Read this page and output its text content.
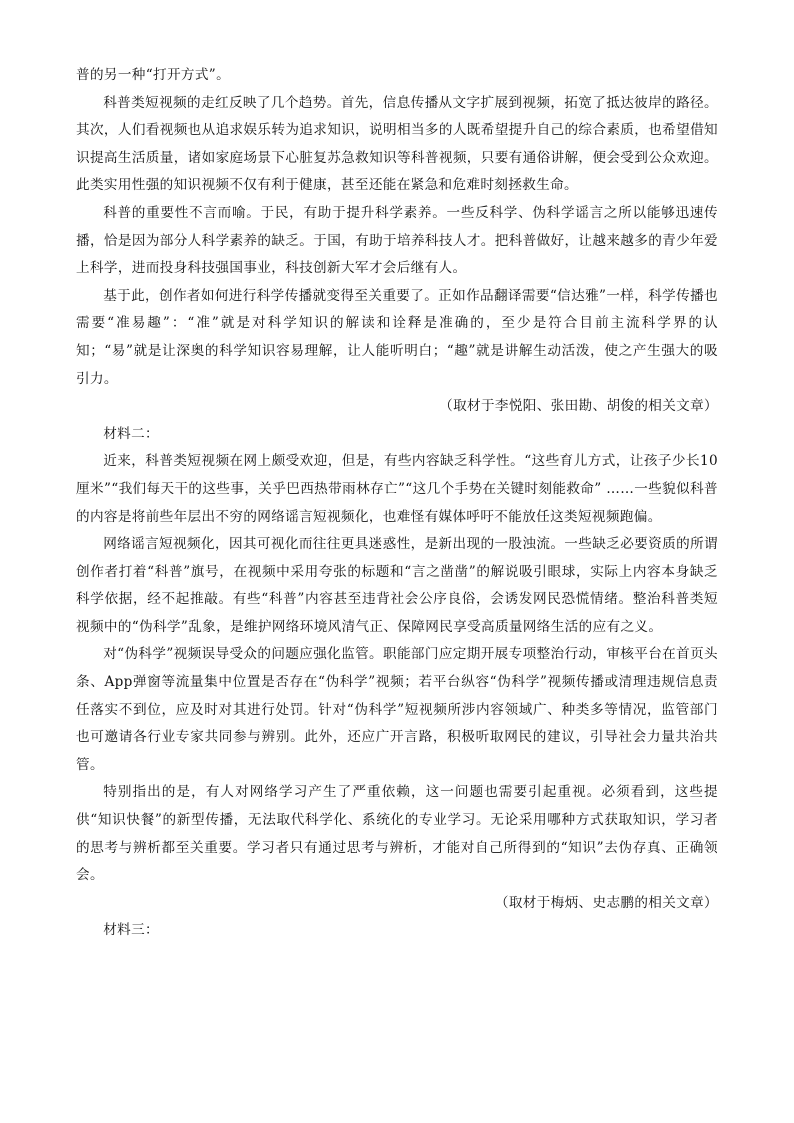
普的另一种“打开方式”。

科普类短视频的走红反映了几个趋势。首先，信息传播从文字扩展到视频，拓宽了抵达彼岸的路径。其次，人们看视频也从追求娱乐转为追求知识，说明相当多的人既希望提升自己的综合素质，也希望借知识提高生活质量，诸如家庭场景下心脏复苏急救知识等科普视频，只要有通俗讲解，便会受到公众欢迎。此类实用性强的知识视频不仅有利于健康，甚至还能在紧急和危难时刻拯救生命。

科普的重要性不言而喻。于民，有助于提升科学素养。一些反科学、伪科学谣言之所以能够迅速传播，恰是因为部分人科学素养的缺乏。于国，有助于培养科技人才。把科普做好，让越来越多的青少年爱上科学，进而投身科技强国事业，科技创新大军才会后继有人。

基于此，创作者如何进行科学传播就变得至关重要了。正如作品翻译需要“信达雅”一样，科学传播也需要“准易趣”：“准”就是对科学知识的解读和诠释是准确的，至少是符合目前主流科学界的认知；“易”就是让深奥的科学知识容易理解，让人能听明白；“趣”就是讲解生动活泼，使之产生强大的吸引力。

（取材于李悦阳、张田勘、胡俊的相关文章）

材料二：

近来，科普类短视频在网上颇受欢迎，但是，有些内容缺乏科学性。“这些育儿方式，让孩子少长10厘米”“我们每天干的这些事，关乎巴西热带雨林存亡”“这几个手势在关键时刻能救命” ……一些貌似科普的内容是将前些年层出不穷的网络谣言短视频化，也难怪有媒体呼吁不能放任这类短视频跑偏。

网络谣言短视频化，因其可视化而往往更具迷惑性，是新出现的一股浊流。一些缺乏必要资质的所谓创作者打着“科普”旗号，在视频中采用夸张的标题和“言之凿凿”的解说吸引眼球，实际上内容本身缺乏科学依据，经不起推敲。有些“科普”内容甚至违背社会公序良俗，会诱发网民恐慌情绪。整治科普类短视频中的“伪科学”乱象，是维护网络环境风清气正、保障网民享受高质量网络生活的应有之义。

对“伪科学”视频误导受众的问题应强化监管。职能部门应定期开展专项整治行动，审核平台在首页头条、App弹窗等流量集中位置是否存在“伪科学”视频；若平台纵容“伪科学”视频传播或清理违规信息责任落实不到位，应及时对其进行处罚。针对“伪科学”短视频所涉内容领域广、种类多等情况，监管部门也可邀请各行业专家共同参与辨别。此外，还应广开言路，积极听取网民的建议，引导社会力量共治共管。

特别指出的是，有人对网络学习产生了严重依赖，这一问题也需要引起重视。必须看到，这些提供“知识快餐”的新型传播，无法取代科学化、系统化的专业学习。无论采用哪种方式获取知识，学习者的思考与辨析都至关重要。学习者只有通过思考与辨析，才能对自己所得到的“知识”去伪存真、正确领会。

（取材于梅炳、史志鹏的相关文章）

材料三：
